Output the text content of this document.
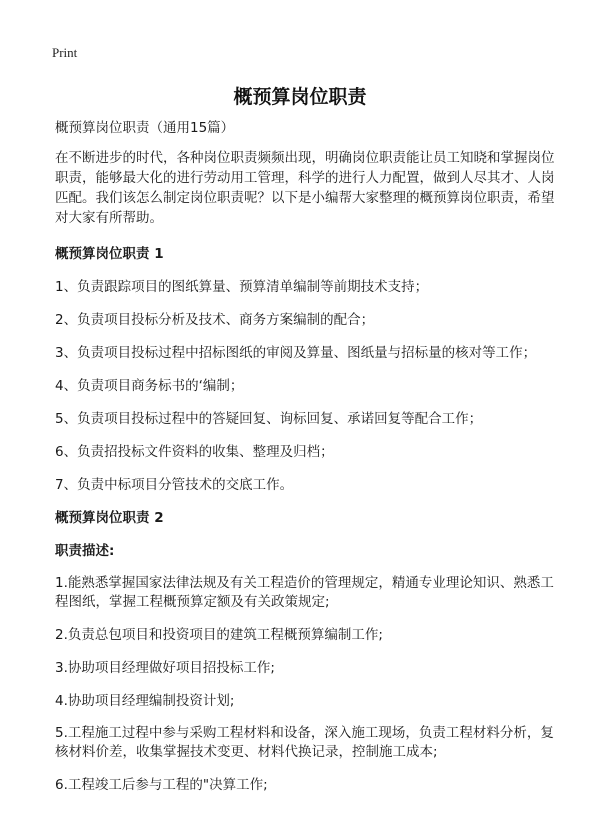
Print
概预算岗位职责

概预算岗位职责（通用15篇）

在不断进步的时代，各种岗位职责频频出现，明确岗位职责能让员工知晓和掌握岗位职责，能够最大化的进行劳动用工管理，科学的进行人力配置，做到人尽其才、人岗匹配。我们该怎么制定岗位职责呢？以下是小编帮大家整理的概预算岗位职责，希望对大家有所帮助。

概预算岗位职责 1

1、负责跟踪项目的图纸算量、预算清单编制等前期技术支持；

2、负责项目投标分析及技术、商务方案编制的配合；

3、负责项目投标过程中招标图纸的审阅及算量、图纸量与招标量的核对等工作；

4、负责项目商务标书的‘编制；

5、负责项目投标过程中的答疑回复、询标回复、承诺回复等配合工作；

6、负责招投标文件资料的收集、整理及归档；

7、负责中标项目分管技术的交底工作。

概预算岗位职责 2

职责描述:

1.能熟悉掌握国家法律法规及有关工程造价的管理规定，精通专业理论知识、熟悉工程图纸，掌握工程概预算定额及有关政策规定;

2.负责总包项目和投资项目的建筑工程概预算编制工作;

3.协助项目经理做好项目招投标工作;

4.协助项目经理编制投资计划;

5.工程施工过程中参与采购工程材料和设备，深入施工现场，负责工程材料分析，复核材料价差，收集掌握技术变更、材料代换记录，控制施工成本;

6.工程竣工后参与工程的"决算工作;
